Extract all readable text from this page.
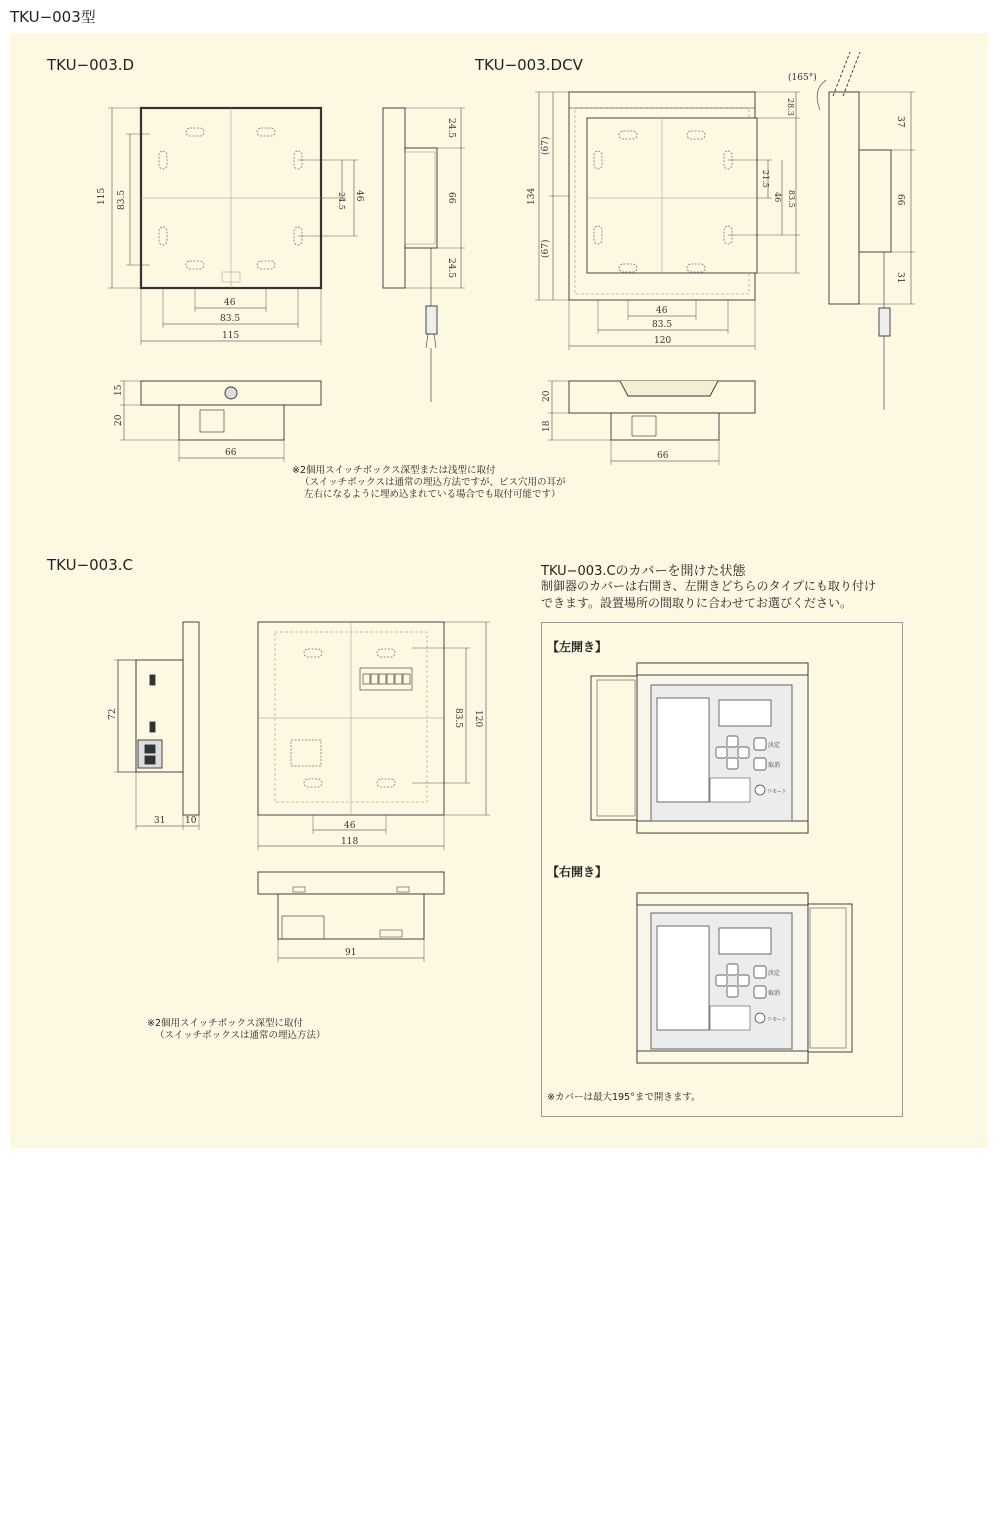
TKU−003型
TKU−003.D	TKU−003.DCV
TKU−003.C	TKU−003.Cのカバーを開けた状態
※2個用スイッチボックス深型または浅型に取付
（スイッチボックスは通常の埋込方法ですが、ビス穴用の耳が
左右になるように埋め込まれている場合でも取付可能です）
※2個用スイッチボックス深型に取付
（スイッチボックスは通常の埋込方法）
制御器のカバーは右開き、左開きどちらのタイプにも取り付け
できます。設置場所の間取りに合わせてお選びください。
【左開き】
【右開き】
※カバーは最大195°まで開きます。
115 83.5
46
83.5
115
24.5 46
24.5
66
24.5
15
20
66
134
(67)
(67)
46
83.5
120
28.3
21.5
46 83.5
(165°)
37
66
31
20
18
66
72
31 10	46
118
83.5 120
91
決定
取消
リモート
決定
取消
リモート
